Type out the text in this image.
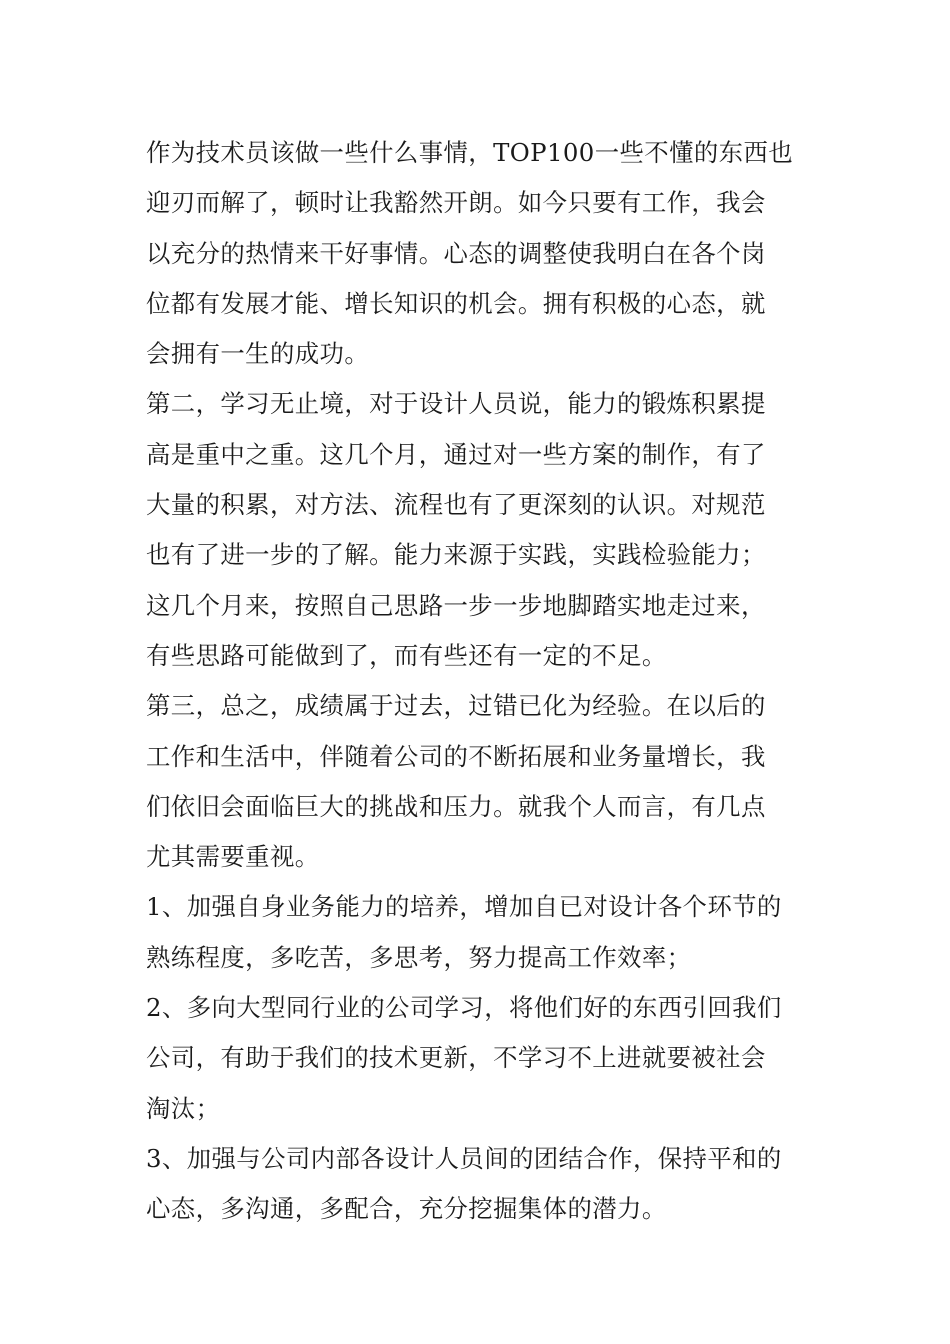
作为技术员该做一些什么事情，TOP100一些不懂的东西也
迎刃而解了，顿时让我豁然开朗。如今只要有工作，我会
以充分的热情来干好事情。心态的调整使我明白在各个岗
位都有发展才能、增长知识的机会。拥有积极的心态，就
会拥有一生的成功。

第二，学习无止境，对于设计人员说，能力的锻炼积累提
高是重中之重。这几个月，通过对一些方案的制作，有了
大量的积累，对方法、流程也有了更深刻的认识。对规范
也有了进一步的了解。能力来源于实践，实践检验能力；
这几个月来，按照自己思路一步一步地脚踏实地走过来，
有些思路可能做到了，而有些还有一定的不足。

第三，总之，成绩属于过去，过错已化为经验。在以后的
工作和生活中，伴随着公司的不断拓展和业务量增长，我
们依旧会面临巨大的挑战和压力。就我个人而言，有几点
尤其需要重视。

1、加强自身业务能力的培养，增加自已对设计各个环节的
熟练程度，多吃苦，多思考，努力提高工作效率；

2、多向大型同行业的公司学习，将他们好的东西引回我们
公司，有助于我们的技术更新，不学习不上进就要被社会
淘汰；

3、加强与公司内部各设计人员间的团结合作，保持平和的
心态，多沟通，多配合，充分挖掘集体的潜力。
